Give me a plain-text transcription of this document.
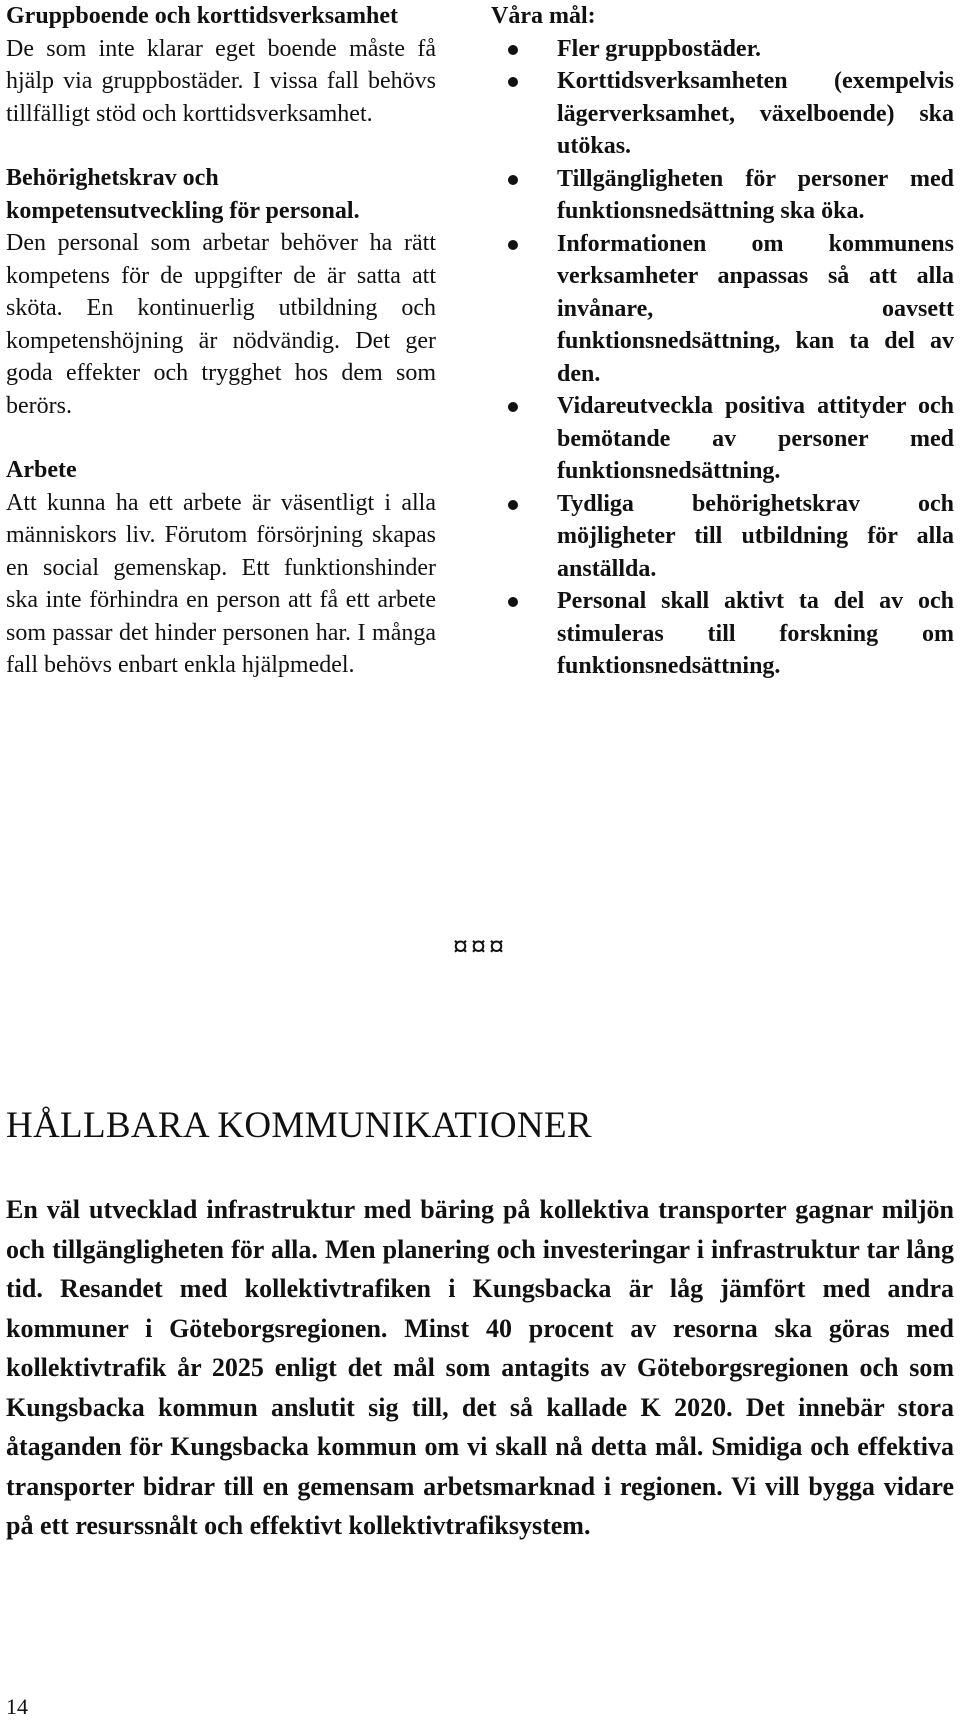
Gruppboende och korttidsverksamhet

De som inte klarar eget boende måste få hjälp via gruppbostäder. I vissa fall behövs tillfälligt stöd och korttidsverksamhet.

Behörighetskrav och kompetensutveckling för personal.

Den personal som arbetar behöver ha rätt kompetens för de uppgifter de är satta att sköta. En kontinuerlig utbildning och kompetenshöjning är nödvändig. Det ger goda effekter och trygghet hos dem som berörs.

Arbete

Att kunna ha ett arbete är väsentligt i alla människors liv. Förutom försörjning skapas en social gemenskap. Ett funktionshinder ska inte förhindra en person att få ett arbete som passar det hinder personen har. I många fall behövs enbart enkla hjälpmedel.

Våra mål:

Fler gruppbostäder.
Korttidsverksamheten (exempelvis lägerverksamhet, växelboende) ska utökas.
Tillgängligheten för personer med funktionsnedsättning ska öka.
Informationen om kommunens verksamheter anpassas så att alla invånare, oavsett funktionsnedsättning, kan ta del av den.
Vidareutveckla positiva attityder och bemötande av personer med funktionsnedsättning.
Tydliga behörighetskrav och möjligheter till utbildning för alla anställda.
Personal skall aktivt ta del av och stimuleras till forskning om funktionsnedsättning.
¤¤¤
HÅLLBARA KOMMUNIKATIONER

En väl utvecklad infrastruktur med bäring på kollektiva transporter gagnar miljön och tillgängligheten för alla. Men planering och investeringar i infrastruktur tar lång tid. Resandet med kollektivtrafiken i Kungsbacka är låg jämfört med andra kommuner i Göteborgsregionen. Minst 40 procent av resorna ska göras med kollektivtrafik år 2025 enligt det mål som antagits av Göteborgsregionen och som Kungsbacka kommun anslutit sig till, det så kallade K 2020. Det innebär stora åtaganden för Kungsbacka kommun om vi skall nå detta mål. Smidiga och effektiva transporter bidrar till en gemensam arbetsmarknad i regionen. Vi vill bygga vidare på ett resurssnålt och effektivt kollektivtrafiksystem.

14
